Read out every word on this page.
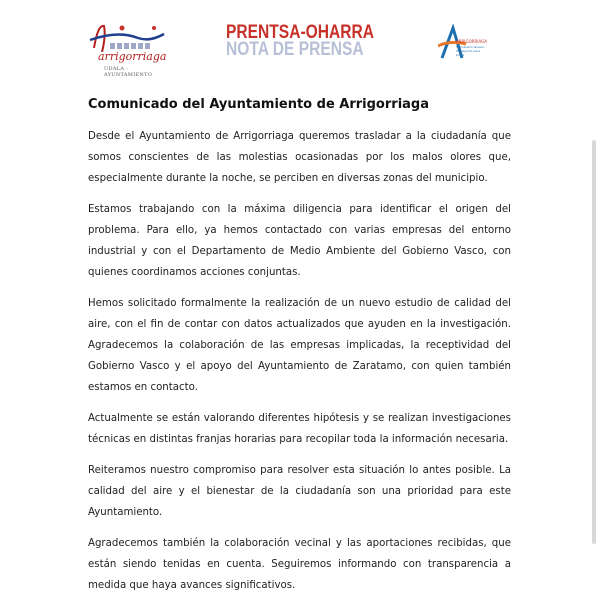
arrigorriaga
UDALA - AYUNTAMIENTO
PRENTSA-OHARRA
NOTA DE PRENSA	ARRIGORRIAGA
Herriarekin lanean. Trabajando para todos
Comunicado del Ayuntamiento de Arrigorriaga

Desde el Ayuntamiento de Arrigorriaga queremos trasladar a la ciudadanía que somos conscientes de las molestias ocasionadas por los malos olores que, especialmente durante la noche, se perciben en diversas zonas del municipio.

Estamos trabajando con la máxima diligencia para identificar el origen del problema. Para ello, ya hemos contactado con varias empresas del entorno industrial y con el Departamento de Medio Ambiente del Gobierno Vasco, con quienes coordinamos acciones conjuntas.

Hemos solicitado formalmente la realización de un nuevo estudio de calidad del aire, con el fin de contar con datos actualizados que ayuden en la investigación. Agradecemos la colaboración de las empresas implicadas, la receptividad del Gobierno Vasco y el apoyo del Ayuntamiento de Zaratamo, con quien también estamos en contacto.

Actualmente se están valorando diferentes hipótesis y se realizan investigaciones técnicas en distintas franjas horarias para recopilar toda la información necesaria.

Reiteramos nuestro compromiso para resolver esta situación lo antes posible. La calidad del aire y el bienestar de la ciudadanía son una prioridad para este Ayuntamiento.

Agradecemos también la colaboración vecinal y las aportaciones recibidas, que están siendo tenidas en cuenta. Seguiremos informando con transparencia a medida que haya avances significativos.
